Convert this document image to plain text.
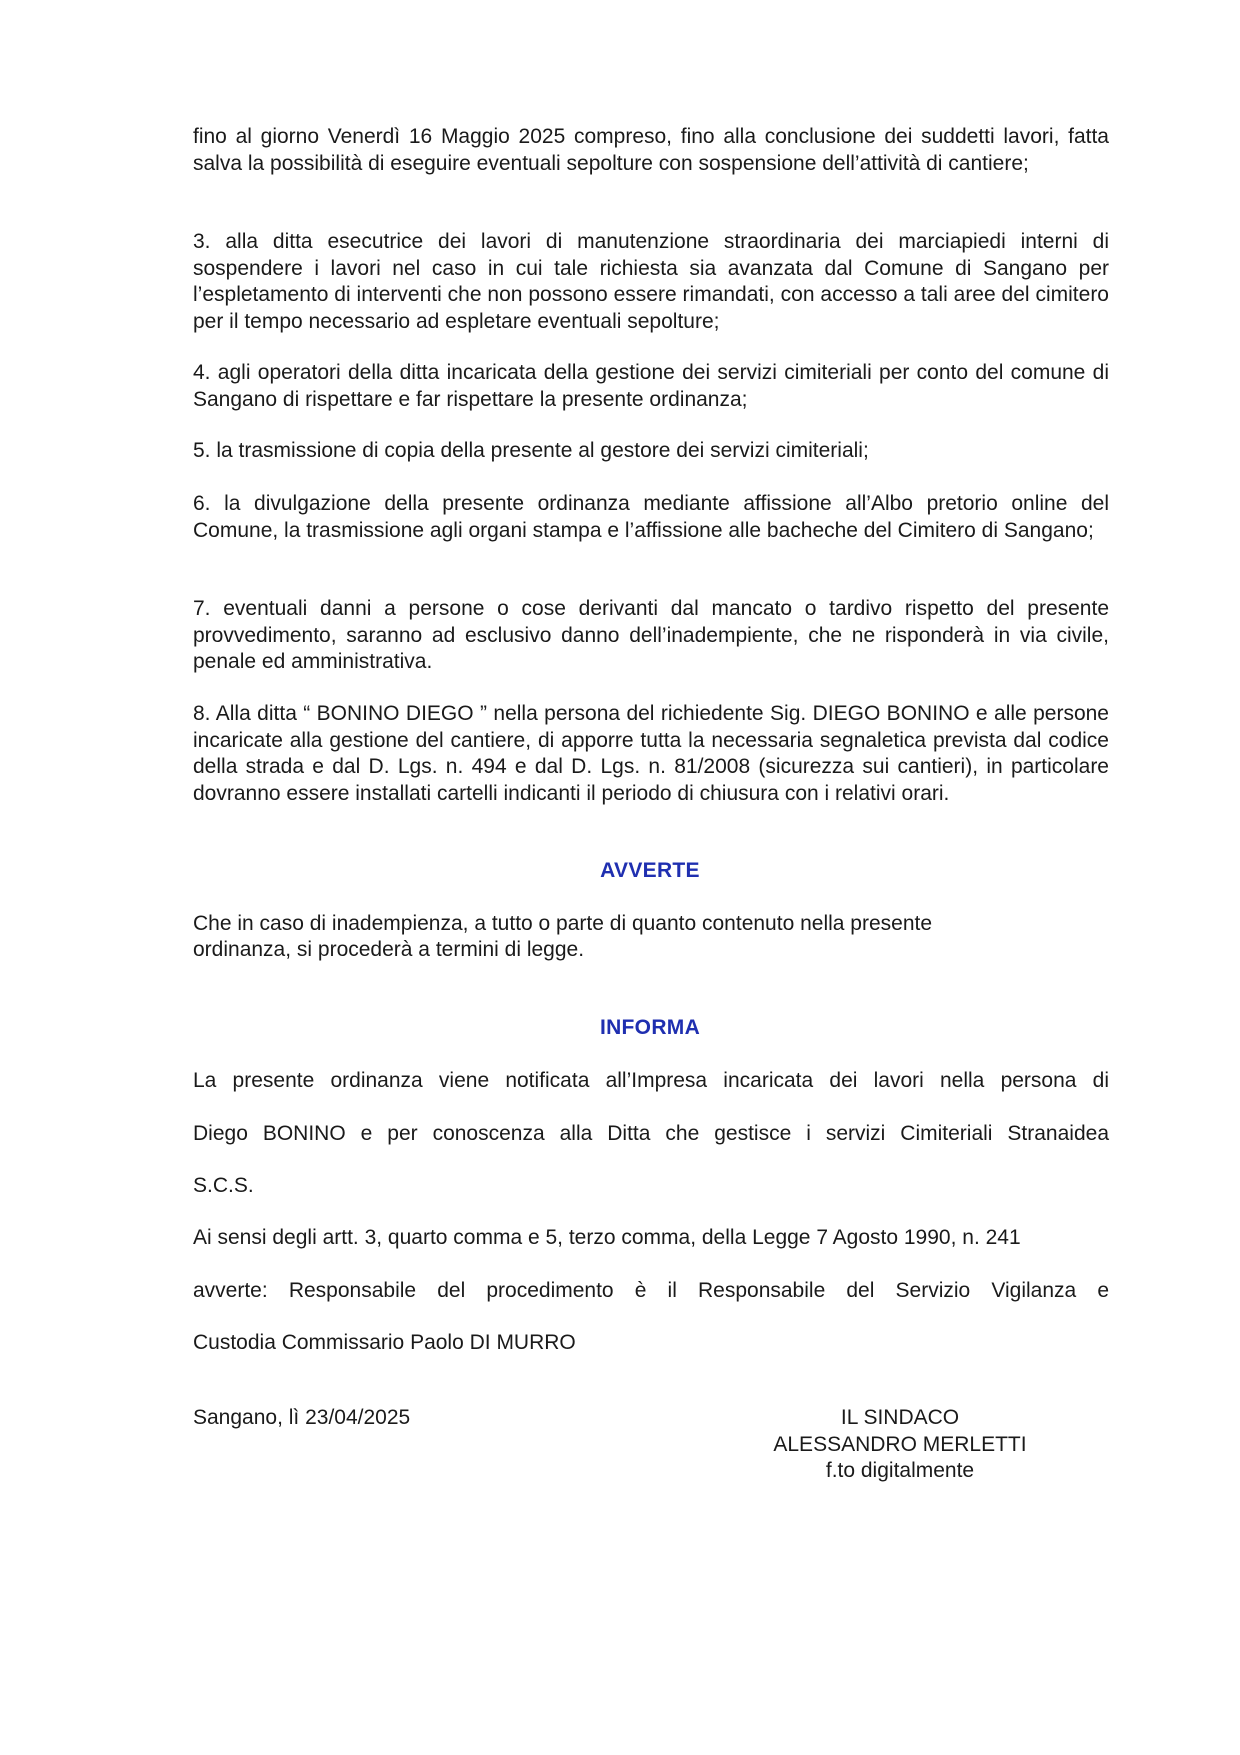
fino al giorno Venerdì 16 Maggio 2025 compreso, fino alla conclusione dei suddetti lavori, fatta salva la possibilità di eseguire eventuali sepolture con sospensione dell’attività di cantiere;

3. alla ditta esecutrice dei lavori di manutenzione straordinaria dei marciapiedi interni di sospendere i lavori nel caso in cui tale richiesta sia avanzata dal Comune di Sangano per l’espletamento di interventi che non possono essere rimandati, con accesso a tali aree del cimitero per il tempo necessario ad espletare eventuali sepolture;

4. agli operatori della ditta incaricata della gestione dei servizi cimiteriali per conto del comune di Sangano di rispettare e far rispettare la presente ordinanza;

5. la trasmissione di copia della presente al gestore dei servizi cimiteriali;

6. la divulgazione della presente ordinanza mediante affissione all’Albo pretorio online del Comune, la trasmissione agli organi stampa e l’affissione alle bacheche del Cimitero di Sangano;

7. eventuali danni a persone o cose derivanti dal mancato o tardivo rispetto del presente provvedimento, saranno ad esclusivo danno dell’inadempiente, che ne risponderà in via civile, penale ed amministrativa.

8. Alla ditta “ BONINO DIEGO ” nella persona del richiedente Sig. DIEGO BONINO e alle persone incaricate alla gestione del cantiere, di apporre tutta la necessaria segnaletica prevista dal codice della strada e dal D. Lgs. n. 494 e dal D. Lgs. n. 81/2008 (sicurezza sui cantieri), in particolare dovranno essere installati cartelli indicanti il periodo di chiusura con i relativi orari.

AVVERTE

Che in caso di inadempienza, a tutto o parte di quanto contenuto nella presente

ordinanza, si procederà a termini di legge.

INFORMA

La presente ordinanza viene notificata all’Impresa incaricata dei lavori nella persona di

Diego BONINO e per conoscenza alla Ditta che gestisce i servizi Cimiteriali Stranaidea

S.C.S.

Ai sensi degli artt. 3, quarto comma e 5, terzo comma, della Legge 7 Agosto 1990, n. 241

avverte: Responsabile del procedimento è il Responsabile del Servizio Vigilanza e

Custodia Commissario Paolo DI MURRO

Sangano, lì 23/04/2025	IL SINDACO
ALESSANDRO MERLETTI
f.to digitalmente
